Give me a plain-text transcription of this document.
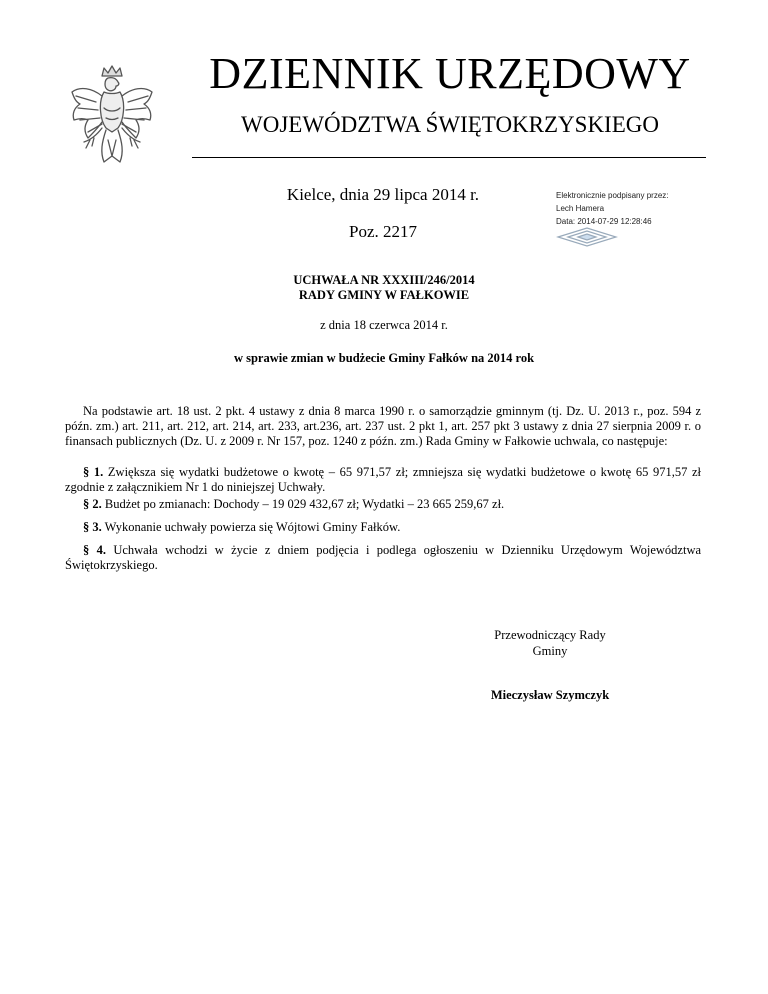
DZIENNIK URZĘDOWY
WOJEWÓDZTWA ŚWIĘTOKRZYSKIEGO
Kielce, dnia 29 lipca 2014 r.
Poz. 2217
Elektronicznie podpisany przez:
Lech Hamera
Data: 2014-07-29 12:28:46
UCHWAŁA NR XXXIII/246/2014
RADY GMINY W FAŁKOWIE
z dnia 18 czerwca 2014 r.
w sprawie zmian w budżecie Gminy Fałków na 2014 rok
Na podstawie art. 18 ust. 2 pkt. 4 ustawy z dnia 8 marca 1990 r. o samorządzie gminnym (tj. Dz. U. 2013 r., poz. 594 z późn. zm.) art. 211, art. 212, art. 214, art. 233, art.236, art. 237 ust. 2 pkt 1, art. 257 pkt 3 ustawy z dnia 27 sierpnia 2009 r. o finansach publicznych (Dz. U. z 2009 r. Nr 157, poz. 1240 z późn. zm.) Rada Gminy w Fałkowie uchwala, co następuje:
§ 1. Zwiększa się wydatki budżetowe o kwotę – 65 971,57 zł; zmniejsza się wydatki budżetowe o kwotę 65 971,57 zł zgodnie z załącznikiem Nr 1 do niniejszej Uchwały.
§ 2. Budżet po zmianach: Dochody – 19 029 432,67 zł; Wydatki – 23 665 259,67 zł.
§ 3. Wykonanie uchwały powierza się Wójtowi Gminy Fałków.
§ 4. Uchwała wchodzi w życie z dniem podjęcia i podlega ogłoszeniu w Dzienniku Urzędowym Województwa Świętokrzyskiego.
Przewodniczący Rady
Gminy
Mieczysław Szymczyk
